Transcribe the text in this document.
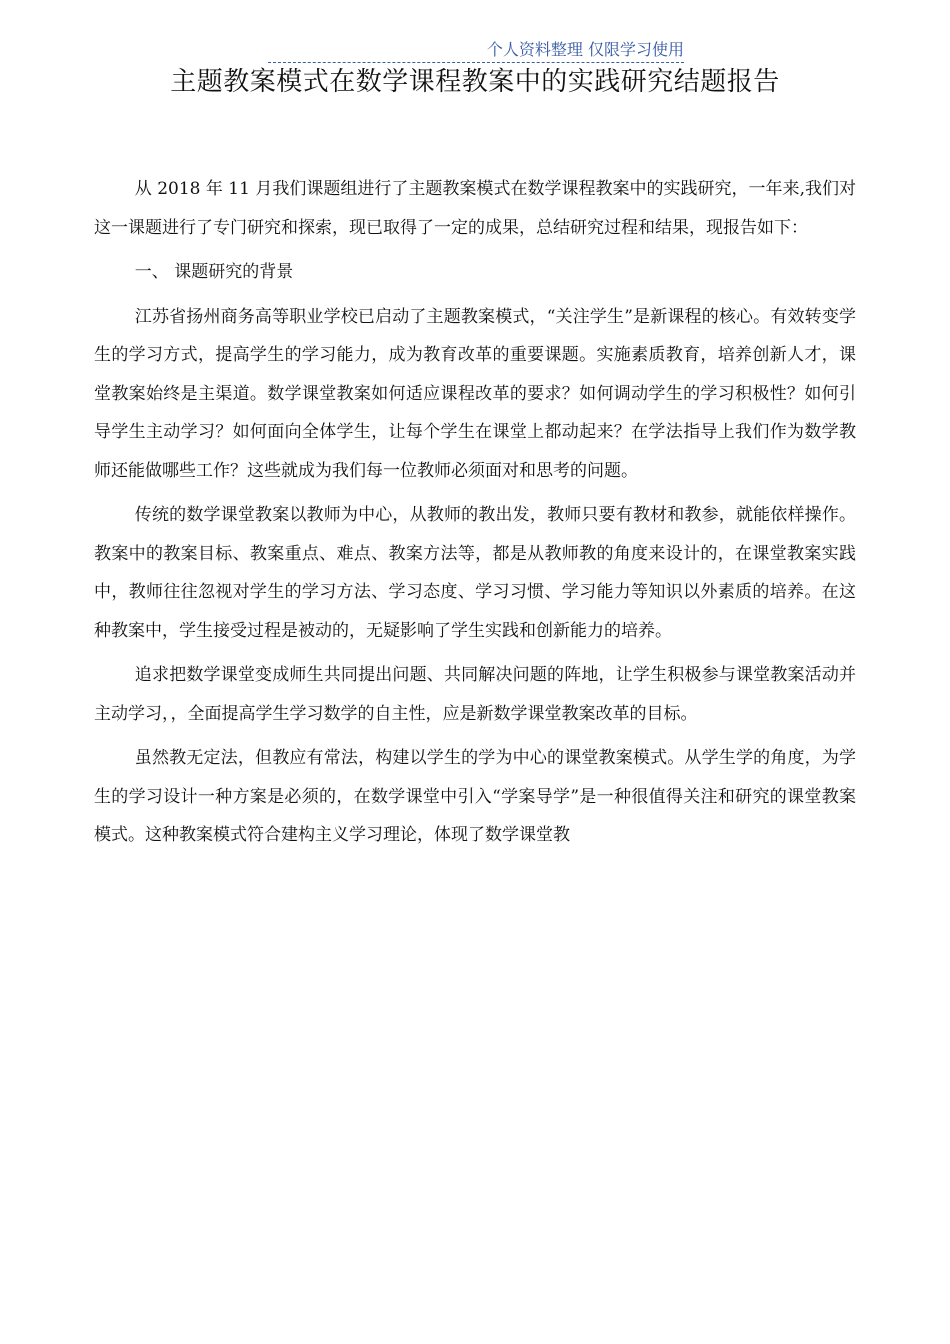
个人资料整理 仅限学习使用
主题教案模式在数学课程教案中的实践研究结题报告

从 2018 年 11 月我们课题组进行了主题教案模式在数学课程教案中的实践研究，一年来,我们对这一课题进行了专门研究和探索，现已取得了一定的成果，总结研究过程和结果，现报告如下：

一、 课题研究的背景

江苏省扬州商务高等职业学校已启动了主题教案模式，“关注学生”是新课程的核心。有效转变学生的学习方式，提高学生的学习能力，成为教育改革的重要课题。实施素质教育，培养创新人才，课堂教案始终是主渠道。数学课堂教案如何适应课程改革的要求？如何调动学生的学习积极性？如何引导学生主动学习？如何面向全体学生，让每个学生在课堂上都动起来？在学法指导上我们作为数学教师还能做哪些工作？这些就成为我们每一位教师必须面对和思考的问题。

传统的数学课堂教案以教师为中心，从教师的教出发，教师只要有教材和教参，就能依样操作。教案中的教案目标、教案重点、难点、教案方法等，都是从教师教的角度来设计的，在课堂教案实践中，教师往往忽视对学生的学习方法、学习态度、学习习惯、学习能力等知识以外素质的培养。在这种教案中，学生接受过程是被动的，无疑影响了学生实践和创新能力的培养。

追求把数学课堂变成师生共同提出问题、共同解决问题的阵地，让学生积极参与课堂教案活动并主动学习，，全面提高学生学习数学的自主性，应是新数学课堂教案改革的目标。

虽然教无定法，但教应有常法，构建以学生的学为中心的课堂教案模式。从学生学的角度，为学生的学习设计一种方案是必须的，在数学课堂中引入“学案导学”是一种很值得关注和研究的课堂教案模式。这种教案模式符合建构主义学习理论，体现了数学课堂教
